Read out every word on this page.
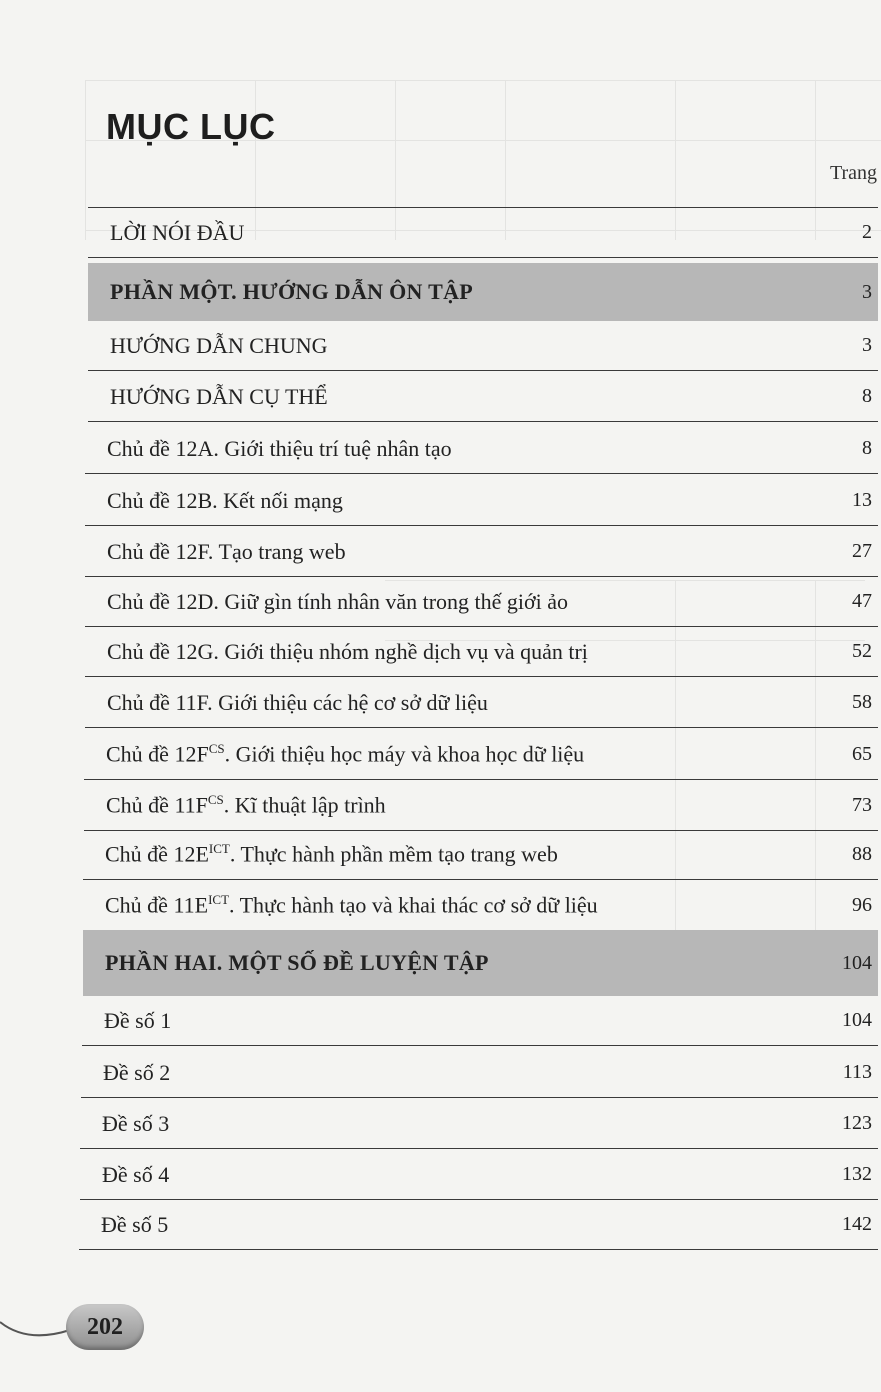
MỤC LỤC
Trang
LỜI NÓI ĐẦU	2
PHẦN MỘT. HƯỚNG DẪN ÔN TẬP	3
HƯỚNG DẪN CHUNG	3
HƯỚNG DẪN CỤ THỂ	8
Chủ đề 12A. Giới thiệu trí tuệ nhân tạo	8
Chủ đề 12B. Kết nối mạng	13
Chủ đề 12F. Tạo trang web	27
Chủ đề 12D. Giữ gìn tính nhân văn trong thế giới ảo	47
Chủ đề 12G. Giới thiệu nhóm nghề dịch vụ và quản trị	52
Chủ đề 11F. Giới thiệu các hệ cơ sở dữ liệu	58
Chủ đề $12F^{CS}$. Giới thiệu học máy và khoa học dữ liệu	65
Chủ đề $11F^{CS}$. Kĩ thuật lập trình	73
Chủ đề $12E^{ICT}$. Thực hành phần mềm tạo trang web	88
Chủ đề $11E^{ICT}$. Thực hành tạo và khai thác cơ sở dữ liệu	96
PHẦN HAI. MỘT SỐ ĐỀ LUYỆN TẬP	104
Đề số 1	104
Đề số 2	113
Đề số 3	123
Đề số 4	132
Đề số 5	142
202
